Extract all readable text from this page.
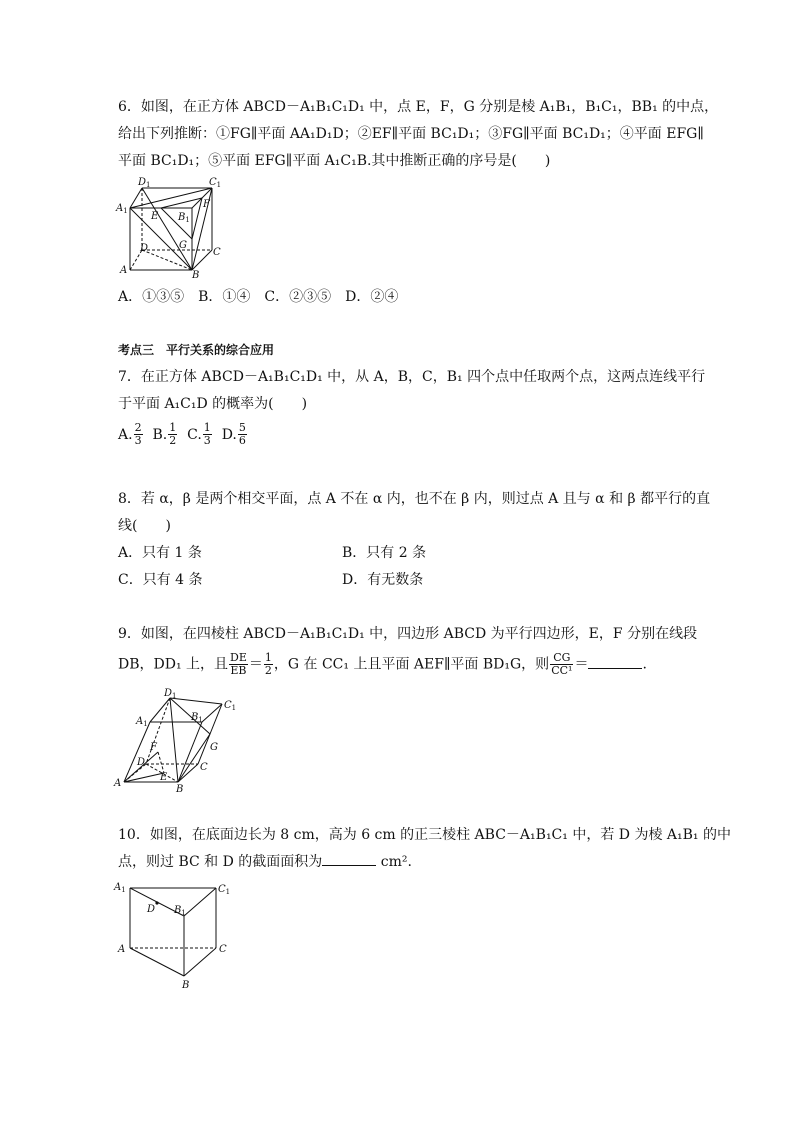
6．如图，在正方体 ABCD－A₁B₁C₁D₁ 中，点 E，F，G 分别是棱 A₁B₁，B₁C₁，BB₁ 的中点，
给出下列推断：①FG∥平面 AA₁D₁D；②EF∥平面 BC₁D₁；③FG∥平面 BC₁D₁；④平面 EFG∥
平面 BC₁D₁；⑤平面 EFG∥平面 A₁C₁B.其中推断正确的序号是(　　)
$D_1$	$C_1$
$A_1$ E $B_1$
F
D	G
C
A	B
A．①③⑤　B．①④　C．②③⑤　D．②④
考点三　平行关系的综合应用
7．在正方体 ABCD－A₁B₁C₁D₁ 中，从 A，B，C，B₁ 四个点中任取两个点，这两点连线平行
于平面 A₁C₁D 的概率为(　　)
A. $\frac{2}{3} B$. $\frac{1}{2} C$. $\frac{1}{3} D$. $\frac{5}{6}$
8．若 α，β 是两个相交平面，点 A 不在 α 内，也不在 β 内，则过点 A 且与 α 和 β 都平行的直
线(　　)
A．只有 1 条	B．只有 2 条
C．只有 4 条	D．有无数条
9．如图，在四棱柱 ABCD－A₁B₁C₁D₁ 中，四边形 ABCD 为平行四边形，E，F 分别在线段
DB，DD₁ 上，且 $\frac{DE}{EB} = \frac{1}{2}$ ，G 在 CC₁ 上且平面 AEF∥平面 BD₁G，则 $\frac{CG}{\text{CC¹}}$ ＝	.
$D_1$
$C_1$
$A_1$
$B_1$
F	G
D	C
E
A
B
10．如图，在底面边长为 8 cm，高为 6 cm 的正三棱柱 ABC－A₁B₁C₁ 中，若 D 为棱 A₁B₁ 的中
点，则过 BC 和 D 的截面面积为	cm².
$A_1$	$C_1$
D $B_1$
A	C
B
